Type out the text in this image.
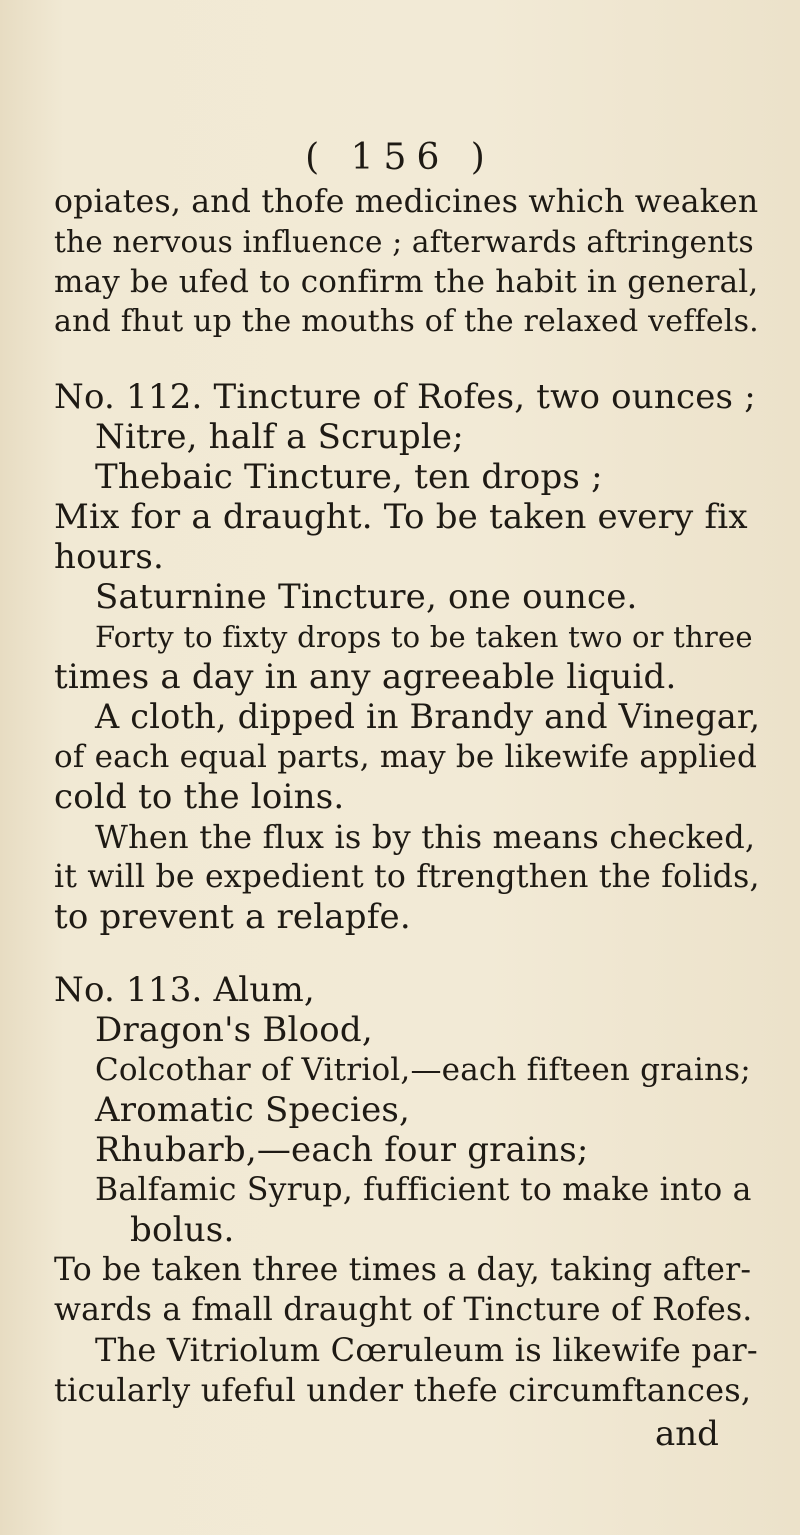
( 156 )
opiates, and thofe medicines which weaken
the nervous influence ; afterwards aftringents
may be ufed to confirm the habit in general,
and fhut up the mouths of the relaxed veffels.
No. 112. Tincture of Rofes, two ounces ;
Nitre, half a Scruple;
Thebaic Tincture, ten drops ;
Mix for a draught. To be taken every fix
hours.
Saturnine Tincture, one ounce.
Forty to fixty drops to be taken two or three
times a day in any agreeable liquid.
A cloth, dipped in Brandy and Vinegar,
of each equal parts, may be likewife applied
cold to the loins.
When the flux is by this means checked,
it will be expedient to ftrengthen the folids,
to prevent a relapfe.
No. 113. Alum,
Dragon's Blood,
Colcothar of Vitriol,—each fifteen grains;
Aromatic Species,
Rhubarb,—each four grains;
Balfamic Syrup, fufficient to make into a
bolus.
To be taken three times a day, taking after-
wards a fmall draught of Tincture of Rofes.
The Vitriolum Cœruleum is likewife par-
ticularly ufeful under thefe circumftances,
and
